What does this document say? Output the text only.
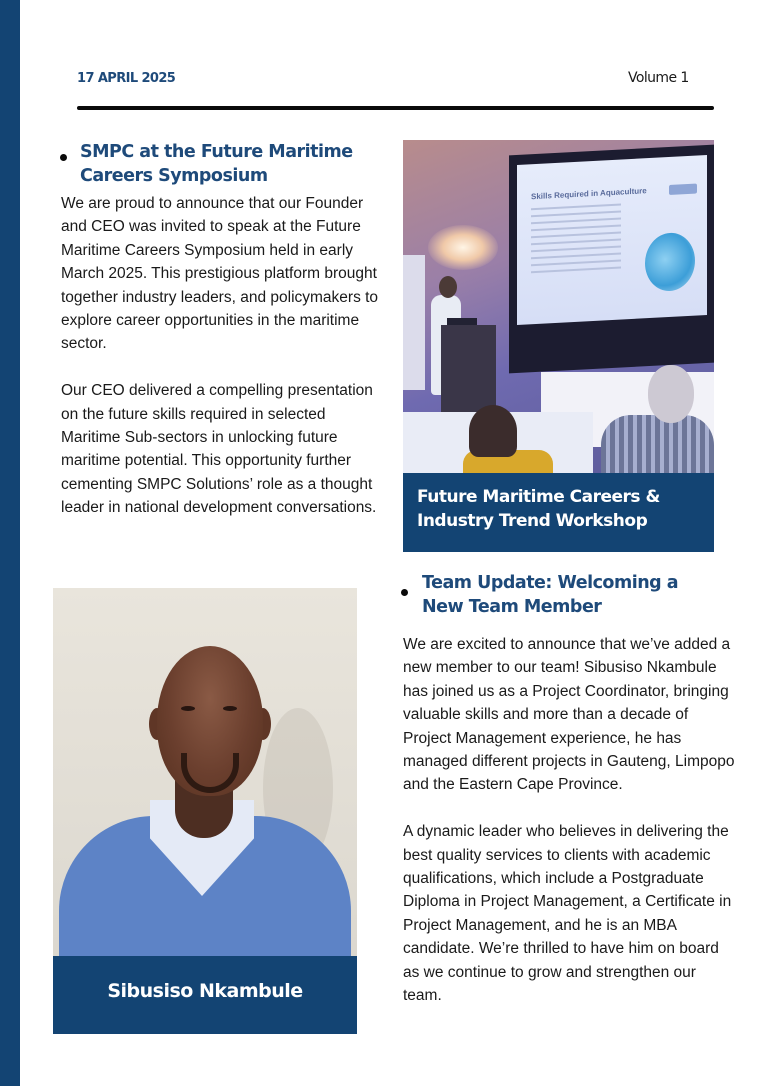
17 APRIL 2025	Volume 1
SMPC at the Future Maritime Careers Symposium

We are proud to announce that our Founder and CEO was invited to speak at the Future Maritime Careers Symposium held in early March 2025. This prestigious platform brought together industry leaders, and policymakers to explore career opportunities in the maritime sector.

Our CEO delivered a compelling presentation on the future skills required in selected Maritime Sub-sectors in unlocking future maritime potential. This opportunity further cementing SMPC Solutions’ role as a thought leader in national development conversations.

Skills Required in Aquaculture
Future Maritime Careers & Industry Trend Workshop
Team Update: Welcoming a New Team Member

We are excited to announce that we’ve added a new member to our team! Sibusiso Nkambule has joined us as a Project Coordinator, bringing valuable skills and more than a decade of Project Management experience, he has managed different projects in Gauteng, Limpopo and the Eastern Cape Province.

A dynamic leader who believes in delivering the best quality services to clients with academic qualifications, which include a Postgraduate Diploma in Project Management, a Certificate in Project Management, and he is an MBA candidate. We’re thrilled to have him on board as we continue to grow and strengthen our team.

Sibusiso Nkambule
